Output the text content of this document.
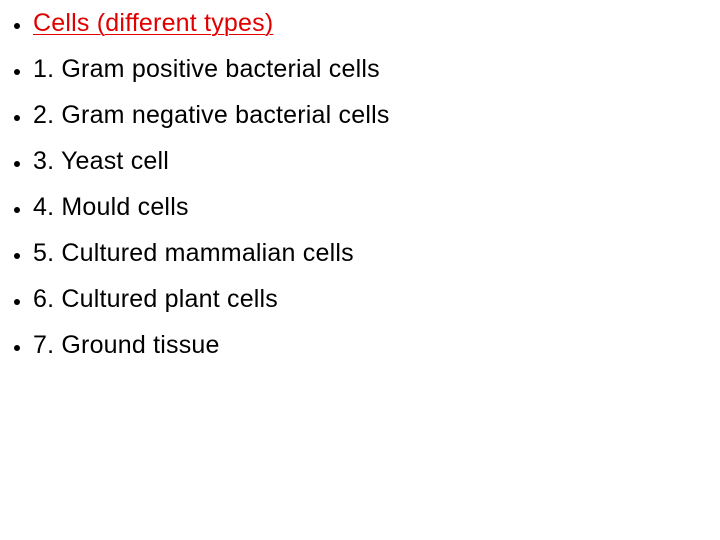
Cells (different types)
1. Gram positive bacterial cells
2. Gram negative bacterial cells
3. Yeast cell
4. Mould cells
5. Cultured mammalian cells
6. Cultured plant cells
7. Ground tissue
